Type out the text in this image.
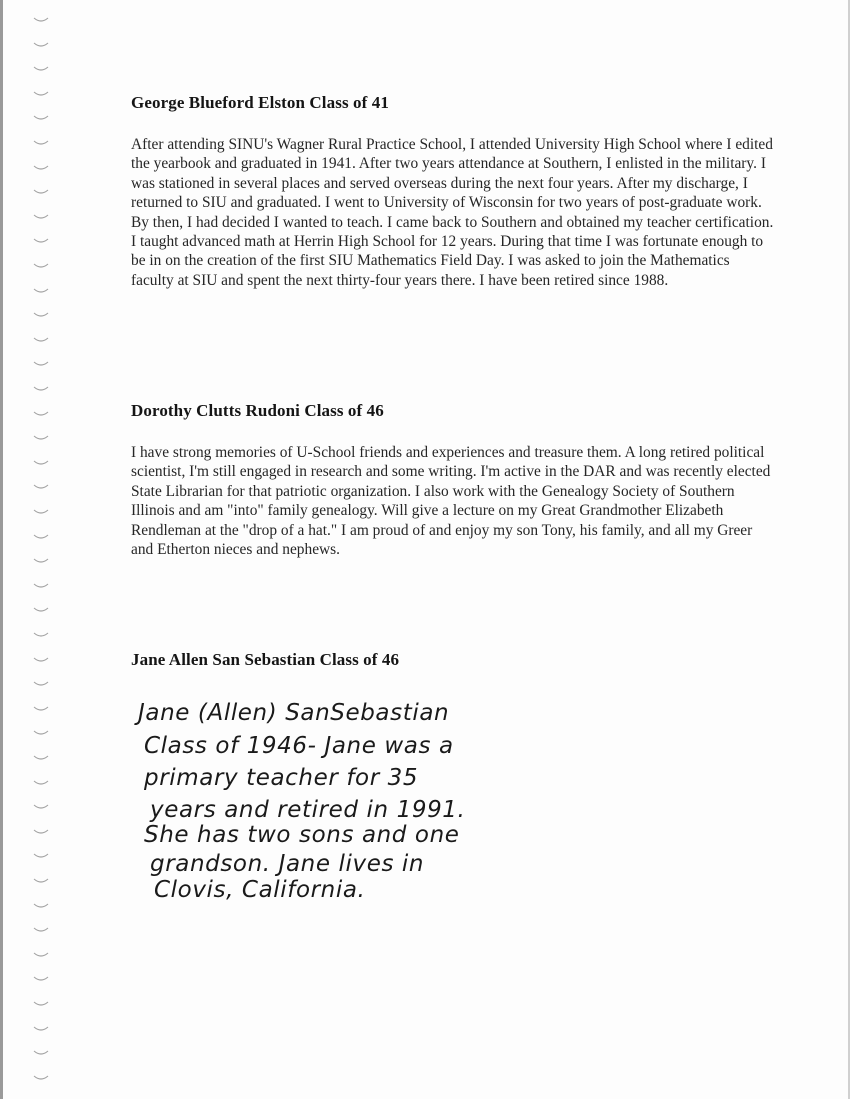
George Blueford Elston Class of 41

After attending SINU's Wagner Rural Practice School, I attended University High School where I edited the yearbook and graduated in 1941. After two years attendance at Southern, I enlisted in the military. I was stationed in several places and served overseas during the next four years. After my discharge, I returned to SIU and graduated. I went to University of Wisconsin for two years of post-graduate work. By then, I had decided I wanted to teach. I came back to Southern and obtained my teacher certification. I taught advanced math at Herrin High School for 12 years. During that time I was fortunate enough to be in on the creation of the first SIU Mathematics Field Day. I was asked to join the Mathematics faculty at SIU and spent the next thirty-four years there. I have been retired since 1988.

Dorothy Clutts Rudoni Class of 46

I have strong memories of U-School friends and experiences and treasure them. A long retired political scientist, I'm still engaged in research and some writing. I'm active in the DAR and was recently elected State Librarian for that patriotic organization. I also work with the Genealogy Society of Southern Illinois and am "into" family genealogy. Will give a lecture on my Great Grandmother Elizabeth Rendleman at the "drop of a hat." I am proud of and enjoy my son Tony, his family, and all my Greer and Etherton nieces and nephews.

Jane Allen San Sebastian Class of 46
Jane (Allen) SanSebastian
Class of 1946- Jane was a
primary teacher for 35
years and retired in 1991.
She has two sons and one
grandson. Jane lives in
Clovis, California.
